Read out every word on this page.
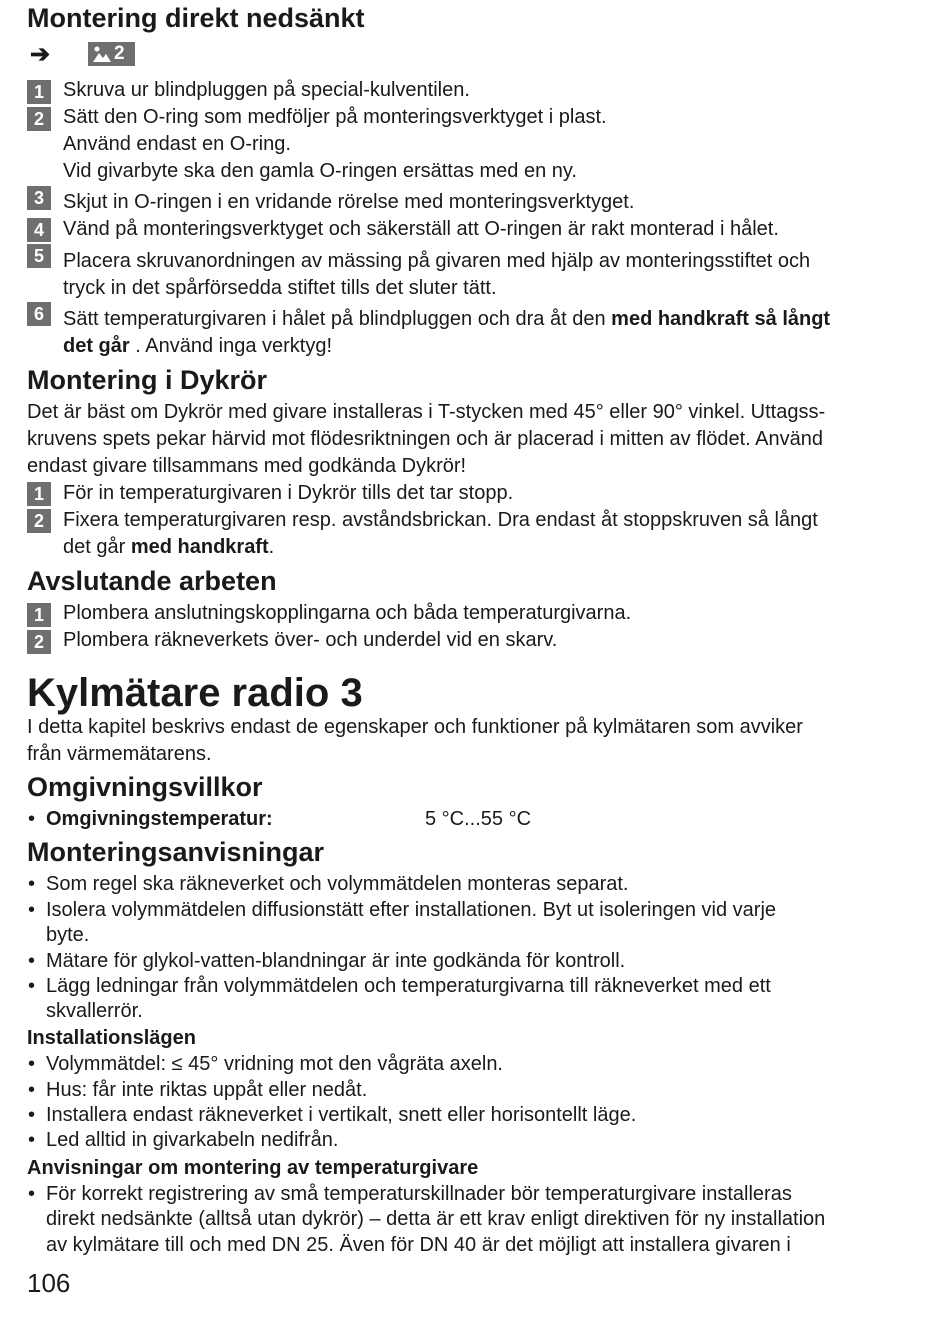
Montering direkt nedsänkt
➔	2
1 Skruva ur blindpluggen på special-kulventilen.
2 Sätt den O-ring som medföljer på monteringsverktyget i plast.
Använd endast en O-ring.
Vid givarbyte ska den gamla O-ringen ersättas med en ny.
3 Skjut in O-ringen i en vridande rörelse med monteringsverktyget.
4 Vänd på monteringsverktyget och säkerställ att O-ringen är rakt monterad i hålet.
5 Placera skruvanordningen av mässing på givaren med hjälp av monteringsstiftet och
tryck in det spårförsedda stiftet tills det sluter tätt.
6 Sätt temperaturgivaren i hålet på blindpluggen och dra åt den med handkraft så långt
det går . Använd inga verktyg!
Montering i Dykrör
Det är bäst om Dykrör med givare installeras i T-stycken med 45° eller 90° vinkel. Uttagss-
kruvens spets pekar härvid mot flödesriktningen och är placerad i mitten av flödet. Använd
endast givare tillsammans med godkända Dykrör!
1 För in temperaturgivaren i Dykrör tills det tar stopp.
2 Fixera temperaturgivaren resp. avståndsbrickan. Dra endast åt stoppskruven så långt
det går med handkraft.
Avslutande arbeten
1 Plombera anslutningskopplingarna och båda temperaturgivarna.
2 Plombera räkneverkets över- och underdel vid en skarv.
Kylmätare radio 3
I detta kapitel beskrivs endast de egenskaper och funktioner på kylmätaren som avviker
från värmemätarens.
Omgivningsvillkor
• Omgivningstemperatur:	5 °C...55 °C
Monteringsanvisningar
• Som regel ska räkneverket och volymmätdelen monteras separat.
• Isolera volymmätdelen diffusionstätt efter installationen. Byt ut isoleringen vid varje
byte.
• Mätare för glykol-vatten-blandningar är inte godkända för kontroll.
• Lägg ledningar från volymmätdelen och temperaturgivarna till räkneverket med ett
skvallerrör.
Installationslägen
• Volymmätdel: ≤ 45° vridning mot den vågräta axeln.
• Hus: får inte riktas uppåt eller nedåt.
• Installera endast räkneverket i vertikalt, snett eller horisontellt läge.
• Led alltid in givarkabeln nedifrån.
Anvisningar om montering av temperaturgivare
• För korrekt registrering av små temperaturskillnader bör temperaturgivare installeras
direkt nedsänkte (alltså utan dykrör) – detta är ett krav enligt direktiven för ny installation
av kylmätare till och med DN 25. Även för DN 40 är det möjligt att installera givaren i
106
